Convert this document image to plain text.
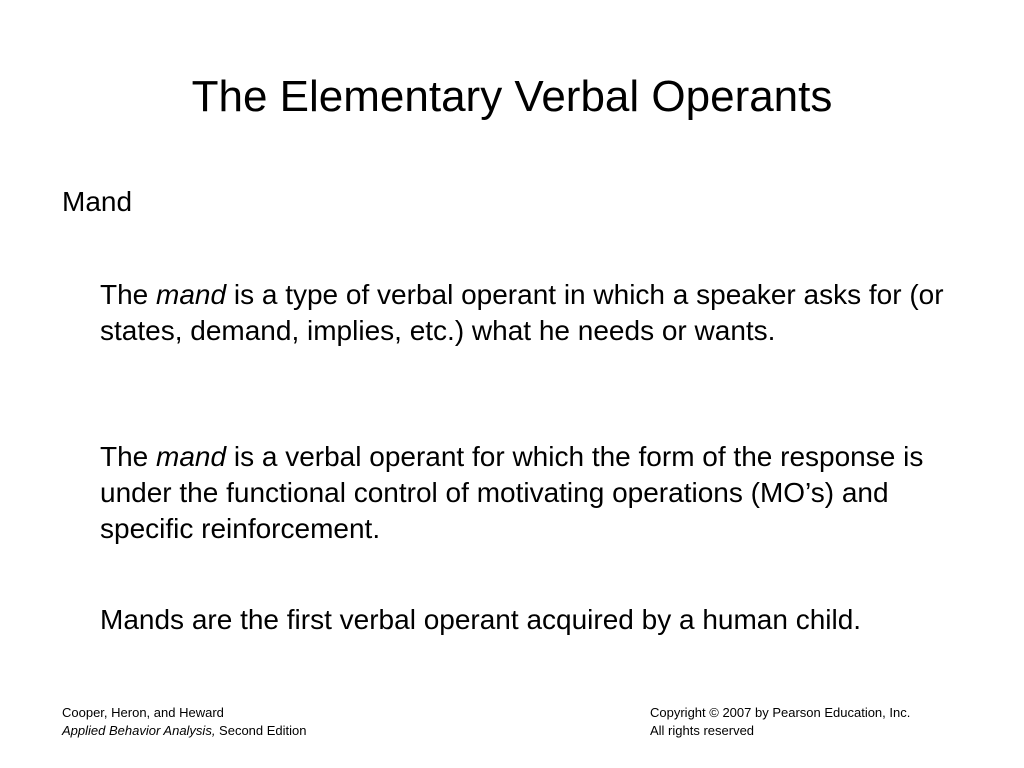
The Elementary Verbal Operants
Mand

The mand is a type of verbal operant in which a speaker asks for (or states, demand, implies, etc.) what he needs or wants.

The mand is a verbal operant for which the form of the response is under the functional control of motivating operations (MO’s) and specific reinforcement.

Mands are the first verbal operant acquired by a human child.

Cooper, Heron, and Heward
Applied Behavior Analysis, Second Edition
Copyright © 2007 by Pearson Education, Inc.
All rights reserved
